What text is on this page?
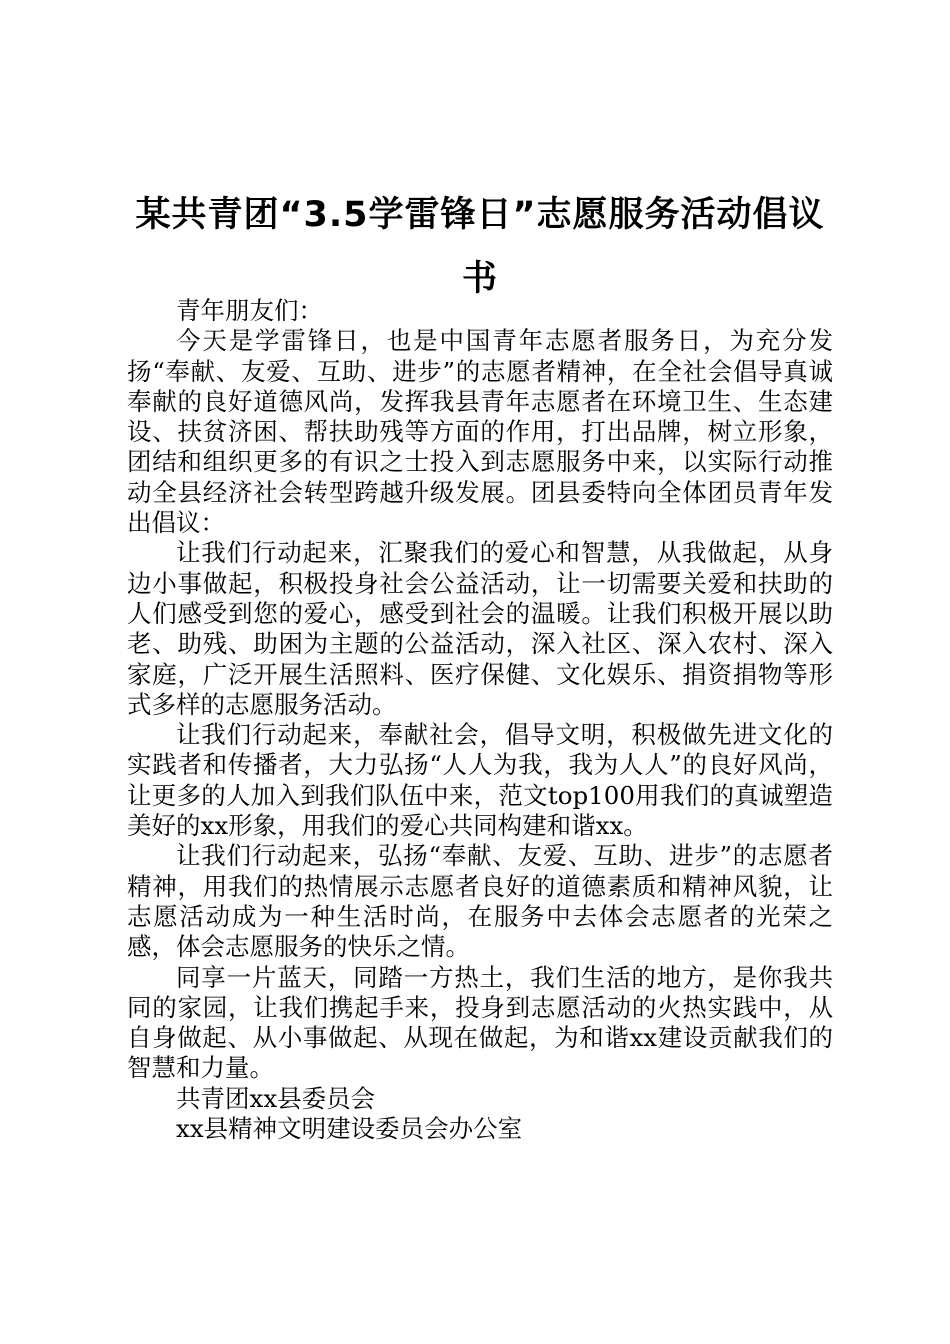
某共青团“3.5学雷锋日”志愿服务活动倡议书

青年朋友们：

今天是学雷锋日，也是中国青年志愿者服务日，为充分发扬“奉献、友爱、互助、进步”的志愿者精神，在全社会倡导真诚奉献的良好道德风尚，发挥我县青年志愿者在环境卫生、生态建设、扶贫济困、帮扶助残等方面的作用，打出品牌，树立形象，团结和组织更多的有识之士投入到志愿服务中来，以实际行动推动全县经济社会转型跨越升级发展。团县委特向全体团员青年发出倡议：

让我们行动起来，汇聚我们的爱心和智慧，从我做起，从身边小事做起，积极投身社会公益活动，让一切需要关爱和扶助的人们感受到您的爱心，感受到社会的温暖。让我们积极开展以助老、助残、助困为主题的公益活动，深入社区、深入农村、深入家庭，广泛开展生活照料、医疗保健、文化娱乐、捐资捐物等形式多样的志愿服务活动。

让我们行动起来，奉献社会，倡导文明，积极做先进文化的实践者和传播者，大力弘扬“人人为我，我为人人”的良好风尚，让更多的人加入到我们队伍中来，范文top100用我们的真诚塑造美好的xx形象，用我们的爱心共同构建和谐xx。

让我们行动起来，弘扬“奉献、友爱、互助、进步”的志愿者精神，用我们的热情展示志愿者良好的道德素质和精神风貌，让志愿活动成为一种生活时尚，在服务中去体会志愿者的光荣之感，体会志愿服务的快乐之情。

同享一片蓝天，同踏一方热土，我们生活的地方，是你我共同的家园，让我们携起手来，投身到志愿活动的火热实践中，从自身做起、从小事做起、从现在做起，为和谐xx建设贡献我们的智慧和力量。

共青团xx县委员会

xx县精神文明建设委员会办公室
